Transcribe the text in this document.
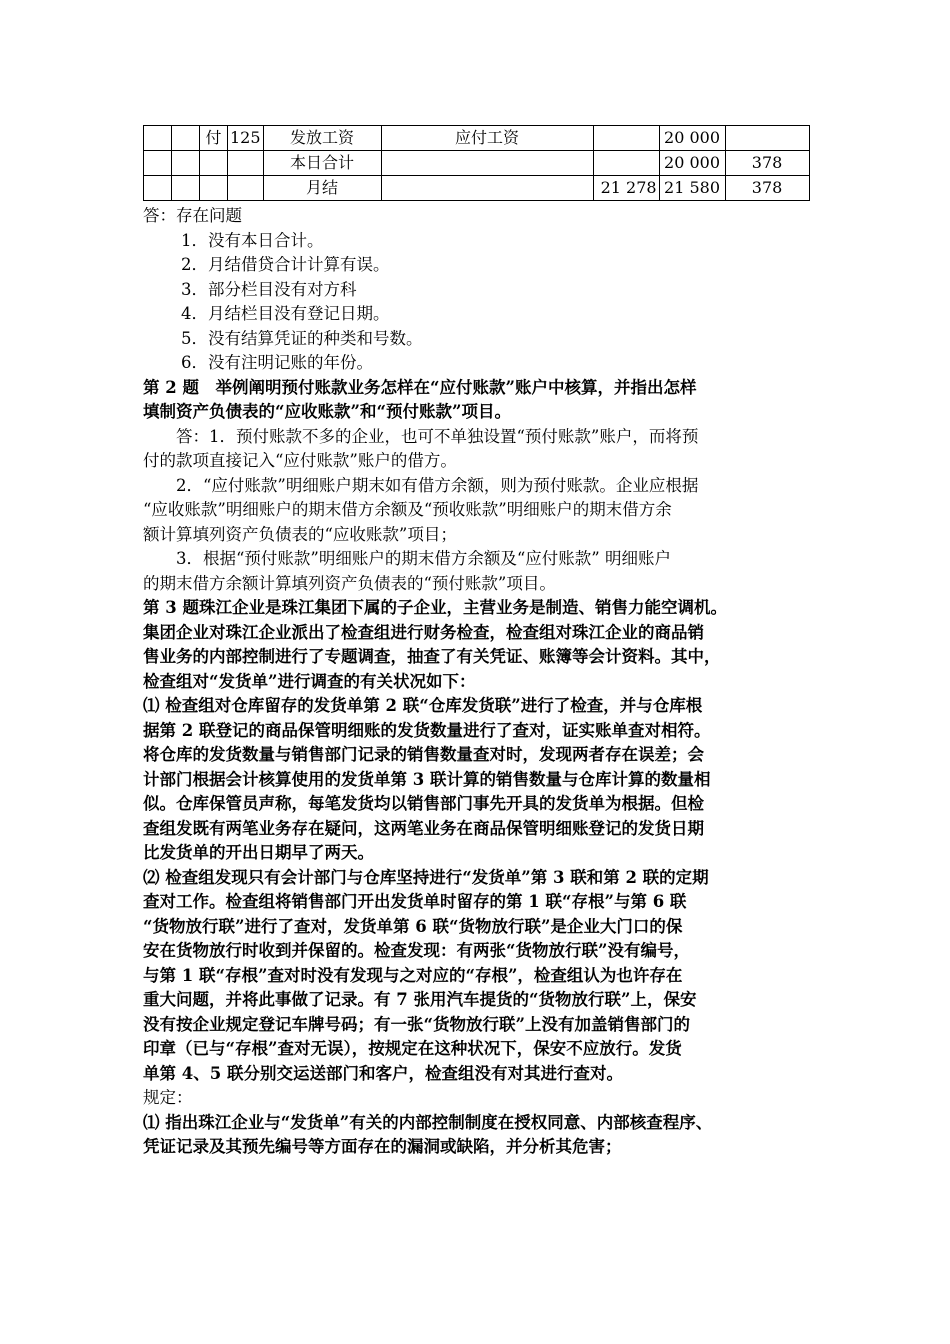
		付	125	发放工资	应付工资		20 000	
				本日合计			20 000	378
				月结		21 278	21 580	378
答：存在问题
1．没有本日合计。
2．月结借贷合计计算有误。
3．部分栏目没有对方科
4．月结栏目没有登记日期。
5．没有结算凭证的种类和号数。
6．没有注明记账的年份。
第 2 题　举例阐明预付账款业务怎样在“应付账款”账户中核算，并指出怎样
填制资产负债表的“应收账款”和“预付账款”项目。
答：1．预付账款不多的企业，也可不单独设置“预付账款”账户，而将预
付的款项直接记入“应付账款”账户的借方。
2．“应付账款”明细账户期末如有借方余额，则为预付账款。企业应根据
“应收账款”明细账户的期末借方余额及“预收账款”明细账户的期末借方余
额计算填列资产负债表的“应收账款”项目；
3．根据“预付账款”明细账户的期末借方余额及“应付账款” 明细账户
的期末借方余额计算填列资产负债表的“预付账款”项目。
第 3 题珠江企业是珠江集团下属的子企业，主营业务是制造、销售力能空调机。
集团企业对珠江企业派出了检查组进行财务检查，检查组对珠江企业的商品销
售业务的内部控制进行了专题调查，抽查了有关凭证、账簿等会计资料。其中，
检查组对“发货单”进行调查的有关状况如下：
⑴ 检查组对仓库留存的发货单第 2 联“仓库发货联”进行了检查，并与仓库根
据第 2 联登记的商品保管明细账的发货数量进行了查对，证实账单查对相符。
将仓库的发货数量与销售部门记录的销售数量查对时，发现两者存在误差；会
计部门根据会计核算使用的发货单第 3 联计算的销售数量与仓库计算的数量相
似。仓库保管员声称，每笔发货均以销售部门事先开具的发货单为根据。但检
查组发既有两笔业务存在疑问，这两笔业务在商品保管明细账登记的发货日期
比发货单的开出日期早了两天。
⑵ 检查组发现只有会计部门与仓库坚持进行“发货单”第 3 联和第 2 联的定期
查对工作。检查组将销售部门开出发货单时留存的第 1 联“存根”与第 6 联
“货物放行联”进行了查对，发货单第 6 联“货物放行联”是企业大门口的保
安在货物放行时收到并保留的。检查发现：有两张“货物放行联”没有编号，
与第 1 联“存根”查对时没有发现与之对应的“存根”，检查组认为也许存在
重大问题，并将此事做了记录。有 7 张用汽车提货的“货物放行联”上，保安
没有按企业规定登记车牌号码；有一张“货物放行联”上没有加盖销售部门的
印章（已与“存根”查对无误），按规定在这种状况下，保安不应放行。发货
单第 4、5 联分别交运送部门和客户，检查组没有对其进行查对。
规定：
⑴ 指出珠江企业与“发货单”有关的内部控制制度在授权同意、内部核查程序、
凭证记录及其预先编号等方面存在的漏洞或缺陷，并分析其危害；
